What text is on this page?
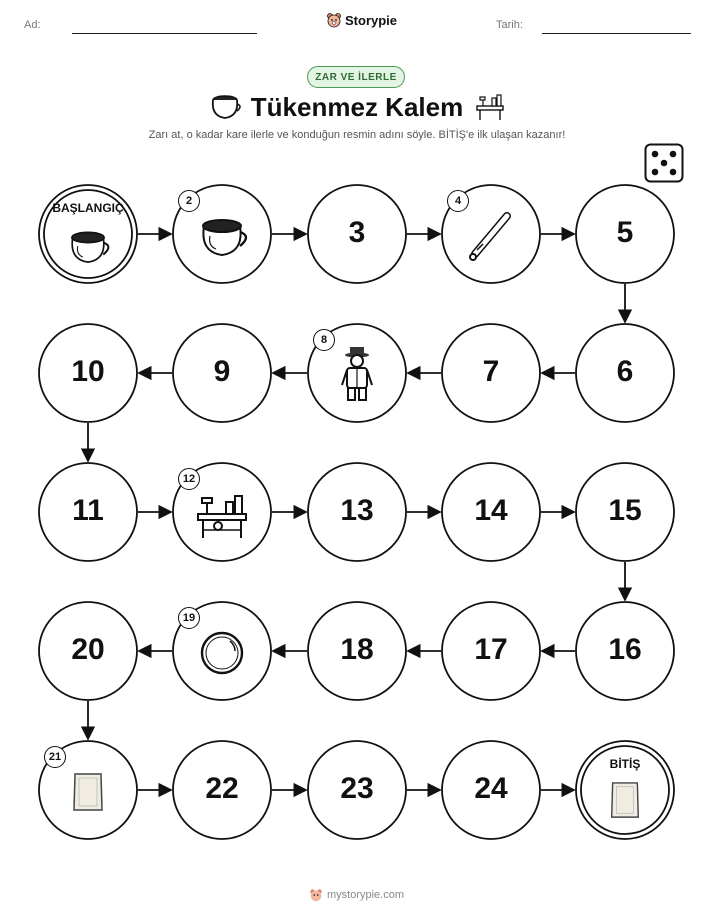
Ad:	Storypie	Tarih:
ZAR VE İLERLE
Tükenmez Kalem
Zarı at, o kadar kare ilerle ve konduğun resmin adını söyle. BİTİŞ'e ilk ulaşan kazanır!
BAŞLANGIÇ	2
3
4
5
6
7
8
9
10
11
12
13	14	15
16
17
18
19
20
21
22	23	24
BİTİŞ
mystorypie.com
